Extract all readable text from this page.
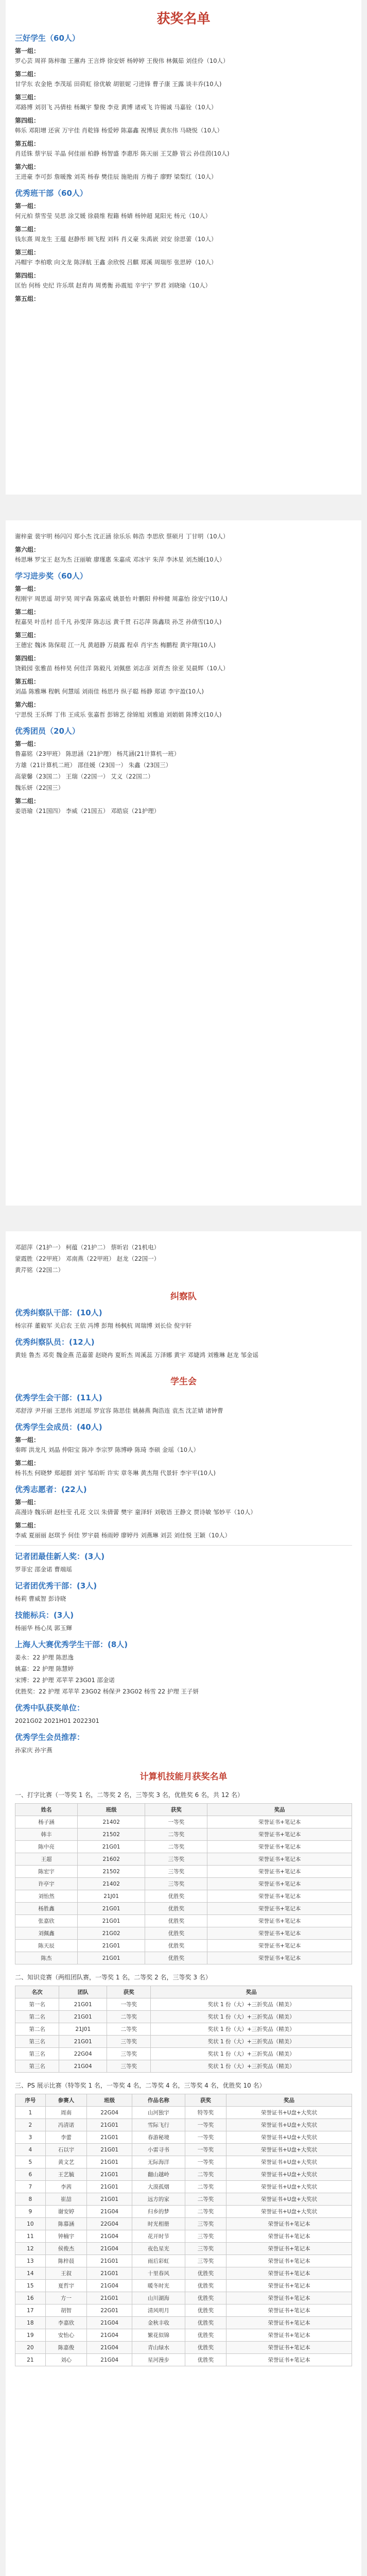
获奖名单
三好学生（60人）
第一组：
罗心芸 周祥 陈梓珈 王蕙冉 王言烨 徐安妍 杨婷婷 王俊伟 林佩茹 刘佳伶（10人）
第二组：
甘学东 农金艳 李茂瑶 田荷虹 徐优敏 胡银妮 刁进锋 曹子康 王露 谈丰乔(10人)
第三组：
邓路博 刘羽飞 冯倩桂 杨珮宇 黎俊 李竞 黄博 诸戒飞 许锡诚 马嘉铨（10人）
第四组：
韩乐 邓阳增 还寅 万宇佳 肖乾锋 杨爱婷 陈嘉鑫 祝博辰 黄东伟 马晓悦（10人）
第五组：
肖廷铢 蔡宇辰 羊晶 何佳丽 柏静 杨智盛 李惠彤 陈天丽 王艾静 管云 孙佳茵(10人)
第六组：
王进豪 李可彭 詹暖豫 刘英 杨春 樊佳辰 施艳雨 方梅子 廖野 梁梨红（10人）
优秀班干部（60人）
第一组：
何元柏 蔡雪莹 吴思 涂艾媛 徐晨维 程籍 杨婧 杨钟超 晁阳光 杨元（10人）
第二组：
钱东熹 周龙生 王蕴 赵静彤 顾飞程 刘科 肖义豪 朱禹嵌 刘安 徐思蕾（10人）
第三组：
冯帽宇 李柏歌 向文龙 陈泽航 王鑫 余欣悦 吕麒 郑溪 周瑞彤 张思婷（10人）
第四组：
匡怡 何杨 史纪 许乐琪 赵育冉 周勇衡 孙震旭 辛宇宁 罗君 刘晓瑜（10人）
第五组：
谢梓童 裴宇明 杨闪闪 郑小杰 沈正涵 徐乐乐 韩浩 李思欣 蔡硕月 丁甘明（10人）
第六组：
杨思琳 罗宝王 赵为杰 汪丽敏 廖瑾惠 朱嘉成 邓冰宇 朱萍 李沐星 刘杰媛(10人）
学习进步奖（60人）
第一组：
程刚宇 周思遥 胡宇昊 周宇森 陈嘉成 姚景怡 叶鹏阳 仲梓健 周嘉怡 徐安宁(10人)
第二组：
程嘉昊 叶岳村 岳千凡 孙雯萍 陈志远 黄千贯 石芯萍 陈鑫琰 孙芝 孙倩雪(10人)
第三组：
王德宏 魏沐 陈保琨 江一凡 黄超静 万晨露 程卓 肖宇杰 梅鹏程 黄宇翔(10人)
第四组：
饶毅园 张雅苗 杨梓昊 何佳洋 陈毅凡 刘佩慈 刘志彦 刘育杰 徐亚 吴晨辉（10人）
第五组：
刘晶 陈雅琳 程帆 何慧瑶 刘雨佳 杨思丹 纵子聪 杨静 郑诺 李宇盈(10人)
第六组：
宁思悦 王乐辉 丁伟 王成乐 张嘉哲 彭锦艺 徐锦旭 刘雅迪 刘娟娟 陈博文(10人)
优秀团员（20人）
第一组：
鲁嘉铭（23甲班） 陈思涵（21护理） 杨芃涵(21计算机一班）
方雄（21计算机二班） 邵佳媛（23国一） 朱鑫（23国三）
高蒙馨（23国二） 王瑞（22国一） 艾义（22国二）
魏乐妍（22国三）
第二组：
姜语瑜（21国四） 李威（21国五） 邓皓宸（21护理）
邓韶萍（21护一） 柯蕴（21护二） 蔡昕岩（21机电）
蒙霞胜（22甲班） 邓南燕（22甲班） 赵龙（22国一）
黄芹铭（22国二）
纠察队
优秀纠察队干部：(10人)
杨宗祥 董毅军 关启农 王依 冯博 彭翔 杨枫杭 周瑞博 刘长俭 倪宇轩
优秀纠察队员：(12人)
黄娃 鲁杰 邓奕 魏金燕 范嘉蕾 赵晓冉 夏昕杰 周溪蕊 万泽娜 黄宇 邓婕鸿 刘雅琳 赵龙 邹金谣
学生会
优秀学生会干部：(11人)
邓舒淳 尹开丽 王思伟 刘思瑶 罗宜容 陈思佳 姚赫燕 陶浩连 袁杰 沈芷婧 诸钟曹
优秀学生会成员：(40人)
第一组：
秦晖 洪龙凡 刘晶 仲阳宝 陈冲 李宗罗 陈博峥 陈琦 李硕 金瑶（10人）
第二组：
杨书杰 何晓梦 郑超群 刘宇 邹珀昕 许实 章冬琳 黄杰翔 代景轩 李宇平(10人)
优秀志愿者：(22人)
第一组：
高漫诗 魏乐研 赵杜莹 孔花 文以 朱倩蕾 樊宇 童泽轩 刘敬语 王静文 贾诗敏 邹妙平（10人）
第二组：
李威 夏丽丽 赵琪予 何佳 罗宇晨 杨雨婷 廖婷丹 刘燕琳 刘芸 刘佳悦 王颖（10人）
记者团最佳新人奖：(3人)
罗菲宏 邵金诺 曹端瑶
记者团优秀干部：(3人)
杨莉 曹威智 彭诗晓
技能标兵：(3人)
杨丽华 杨心凤 郭玉輝
上海人大赛优秀学生干部：(8人)
姜永：22 护理 陈思逸
姚嘉：22 护理 陈慧婷
宋博：22 护理 邓苹苹 23G01 邵金诺
优胜奖：22 护理 邓苹苹 23G02 杨保尹 23G02 杨雪 22 护理 王子妍
优秀中队获奖单位：
2021G02 2021H01 2022301
优秀学生会员推荐：
孙家庆 孙宇燕
计算机技能月获奖名单
一、打字比赛（一等奖 1 名，二等奖 2 名，三等奖 3 名，优胜奖 6 名，共 12 名）
姓名	班级	获奖	奖品
杨子涵	21402	一等奖	荣誉证书+笔记本
韩丰	21502	二等奖	荣誉证书+笔记本
陈中亮	21G01	二等奖	荣誉证书+笔记本
王超	21602	三等奖	荣誉证书+笔记本
陈宏宇	21502	三等奖	荣誉证书+笔记本
许亭宇	21402	三等奖	荣誉证书+笔记本
刘怡然	21J01	优胜奖	荣誉证书+笔记本
杨胜鑫	21G01	优胜奖	荣誉证书+笔记本
张嘉欣	21G01	优胜奖	荣誉证书+笔记本
刘佩鑫	21G02	优胜奖	荣誉证书+笔记本
陈天辰	21G01	优胜奖	荣誉证书+笔记本
陈杰	21G01	优胜奖	荣誉证书+笔记本
二、知识竞赛（两组团队赛，一等奖 1 名，二等奖 2 名，三等奖 3 名）
名次	团队	获奖	奖品
第一名	21G01	一等奖	奖状 1 份（大）+三折奖品（精美）
第二名	21G01	二等奖	奖状 1 份（大）+三折奖品（精美）
第二名	21J01	二等奖	奖状 1 份（大）+三折奖品（精美）
第三名	21G01	三等奖	奖状 1 份（大）+三折奖品（精美）
第三名	22G04	三等奖	奖状 1 份（大）+三折奖品（精美）
第三名	21G04	三等奖	奖状 1 份（大）+三折奖品（精美）
三、PS 展示比赛（特等奖 1 名，一等奖 4 名，二等奖 4 名，三等奖 4 名，优胜奖 10 名）
序号	参赛人	班级	作品名称	获奖	奖品
1	周南	22G04	山河独宇	特等奖	荣誉证书+U盘+大奖状
2	冯清诺	21G01	雪际飞行	一等奖	荣誉证书+U盘+大奖状
3	李蕾	21G01	春游秘境	一等奖	荣誉证书+U盘+大奖状
4	石以宇	21G01	小雷寻书	一等奖	荣誉证书+U盘+大奖状
5	黄文艺	21G01	无际海洋	一等奖	荣誉证书+U盘+大奖状
6	王艺毓	21G01	翻山越岭	二等奖	荣誉证书+U盘+大奖状
7	李茜	21G01	大漠孤烟	二等奖	荣誉证书+U盘+大奖状
8	崔喆	21G01	远方的家	二等奖	荣誉证书+U盘+大奖状
9	谢安婷	21G04	归乡的梦	二等奖	荣誉证书+U盘+大奖状
10	陈慕涵	22G04	时光相册	三等奖	荣誉证书+笔记本
11	钟楠宇	21G04	花开时节	三等奖	荣誉证书+笔记本
12	侯俊杰	21G04	夜色星光	三等奖	荣誉证书+笔记本
13	陈梓晨	21G01	雨后彩虹	三等奖	荣誉证书+笔记本
14	王叙	21G01	十里春风	优胜奖	荣誉证书+笔记本
15	夏哲宇	21G04	暖冬时光	优胜奖	荣誉证书+笔记本
16	方一	21G01	山川湖海	优胜奖	荣誉证书+笔记本
17	胡智	22G01	清风明月	优胜奖	荣誉证书+笔记本
18	李嘉欣	21G04	金秋丰收	优胜奖	荣誉证书+笔记本
19	安怡心	21G04	繁花似锦	优胜奖	荣誉证书+笔记本
20	陈嘉俊	21G04	青山绿水	优胜奖	荣誉证书+笔记本
21	刘心	21G04	星河漫步	优胜奖	荣誉证书+笔记本
